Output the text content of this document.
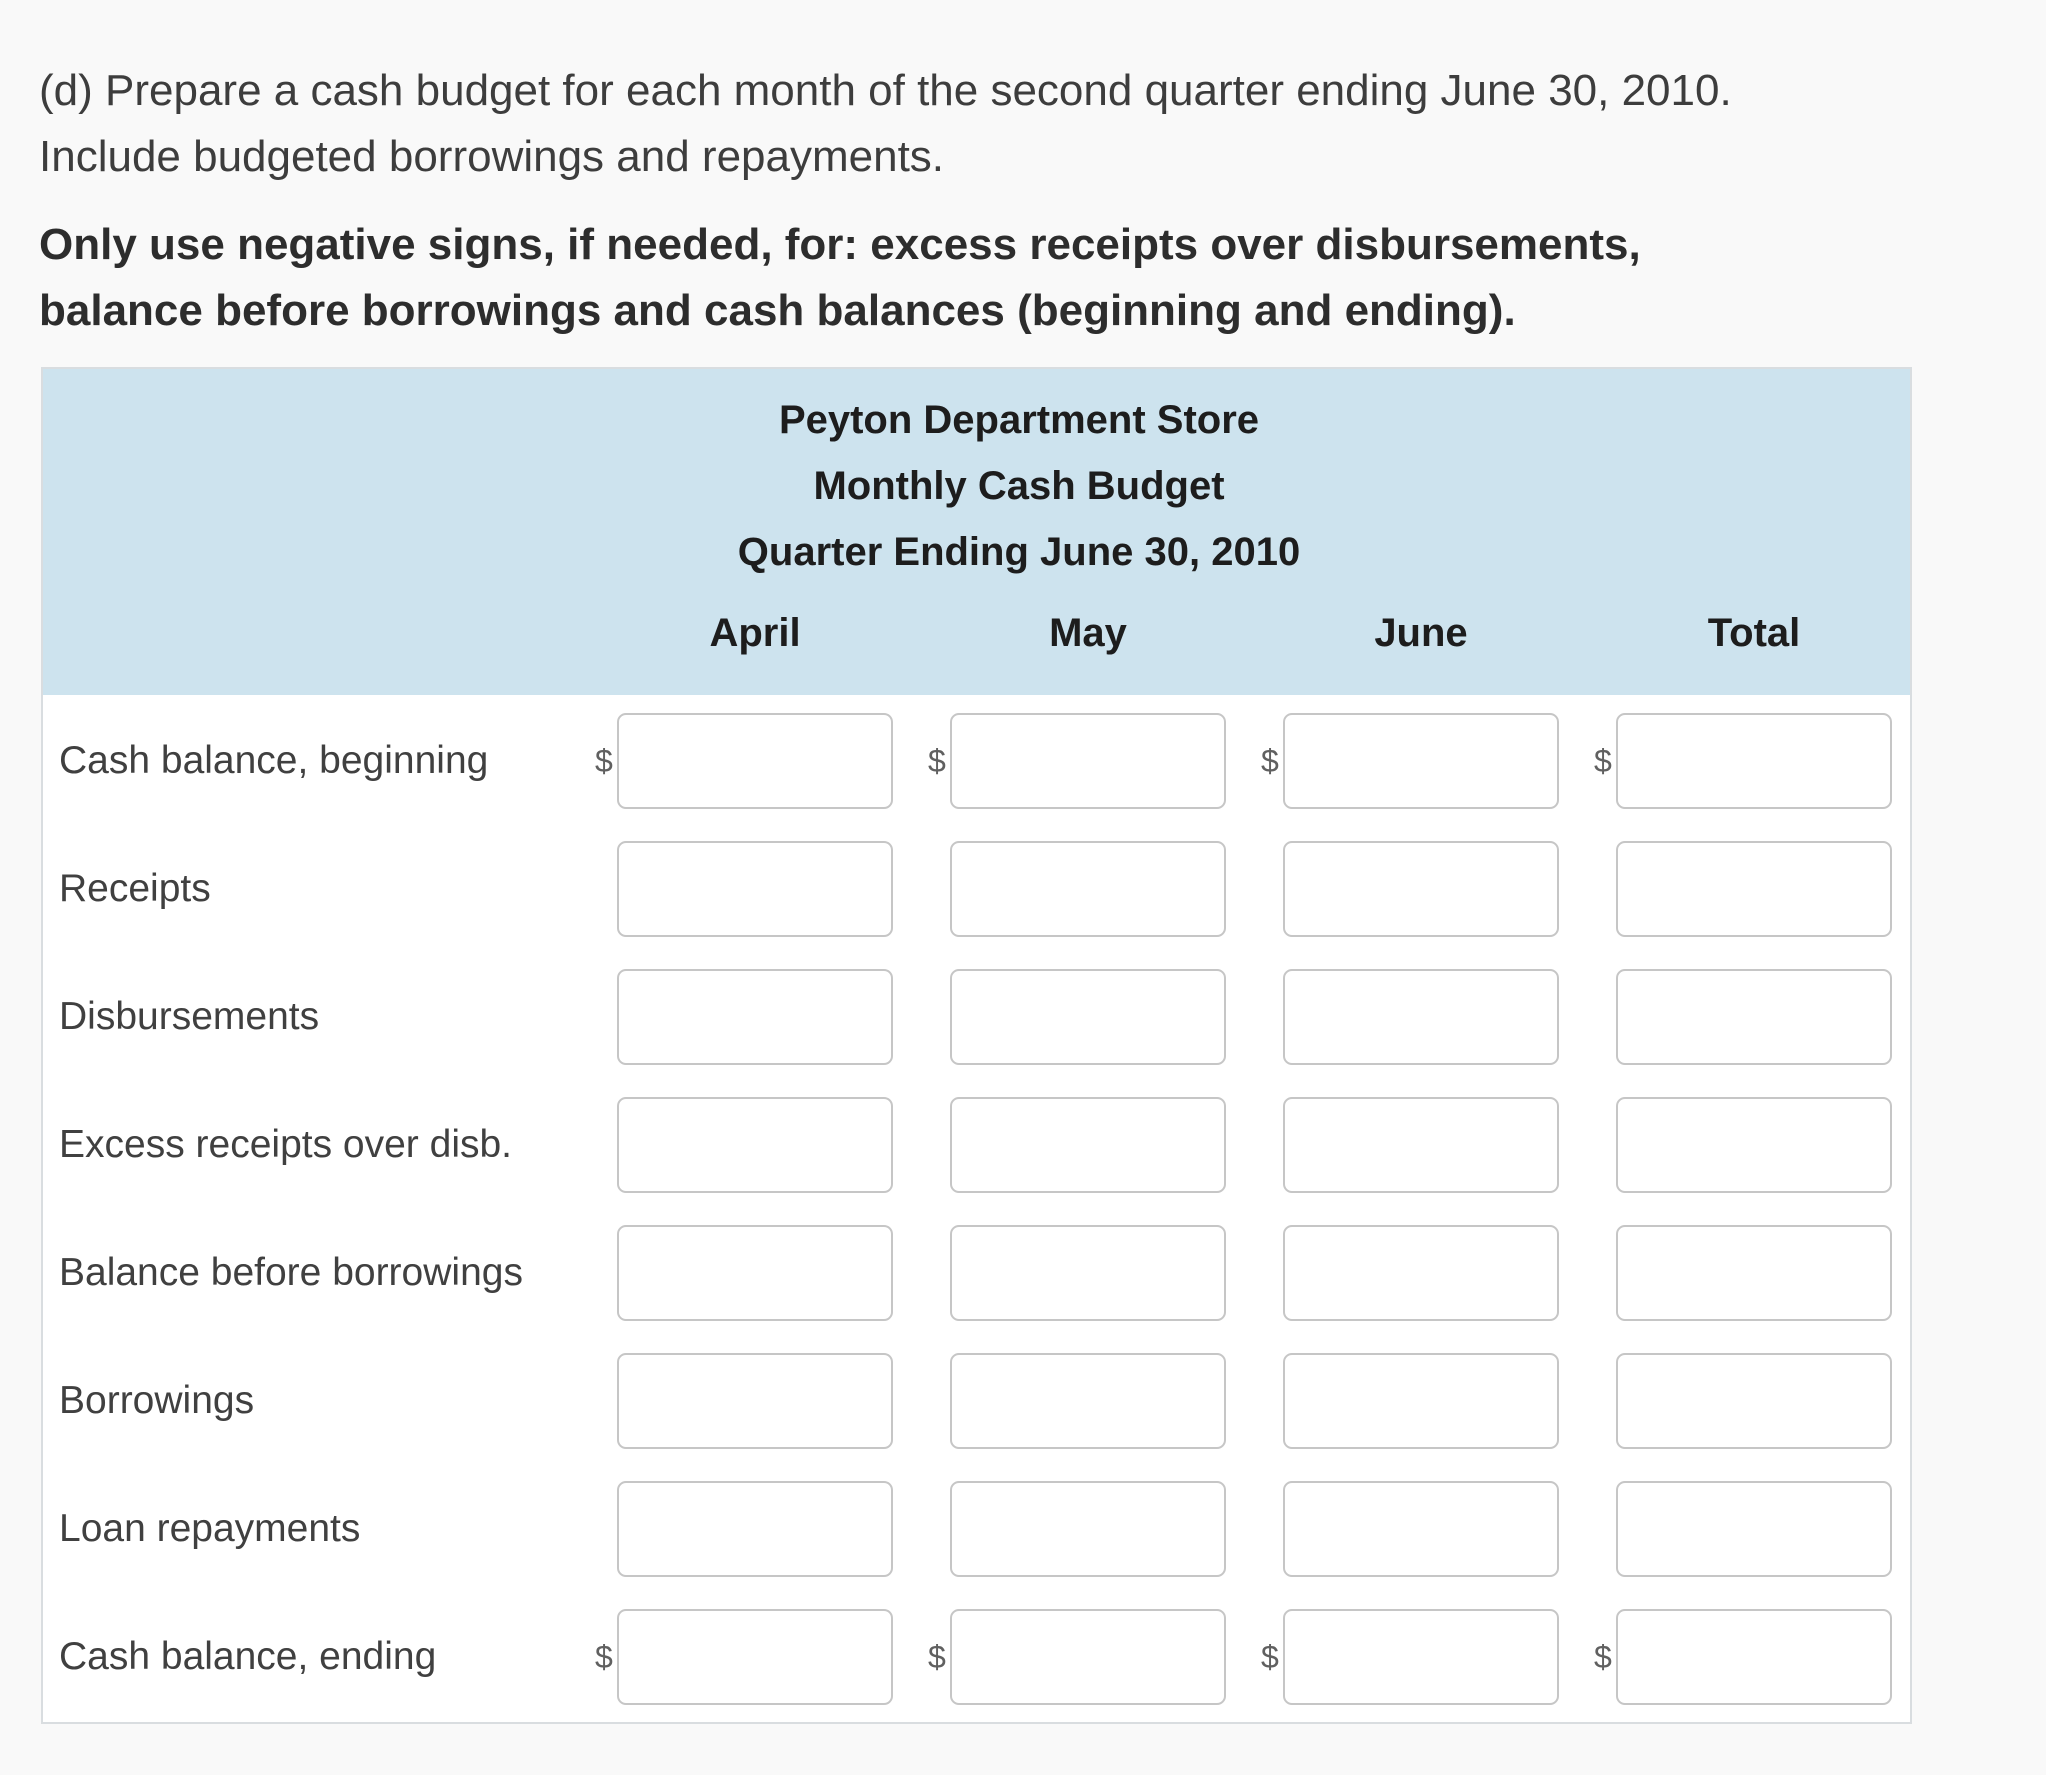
(d) Prepare a cash budget for each month of the second quarter ending June 30, 2010.

Include budgeted borrowings and repayments.

Only use negative signs, if needed, for: excess receipts over disbursements,
balance before borrowings and cash balances (beginning and ending).

Peyton Department Store
Monthly Cash Budget
Quarter Ending June 30, 2010
April	May	June	Total
Cash balance, beginning	$	$	$	$
Receipts
Disbursements
Excess receipts over disb.
Balance before borrowings
Borrowings
Loan repayments
Cash balance, ending	$	$	$	$
